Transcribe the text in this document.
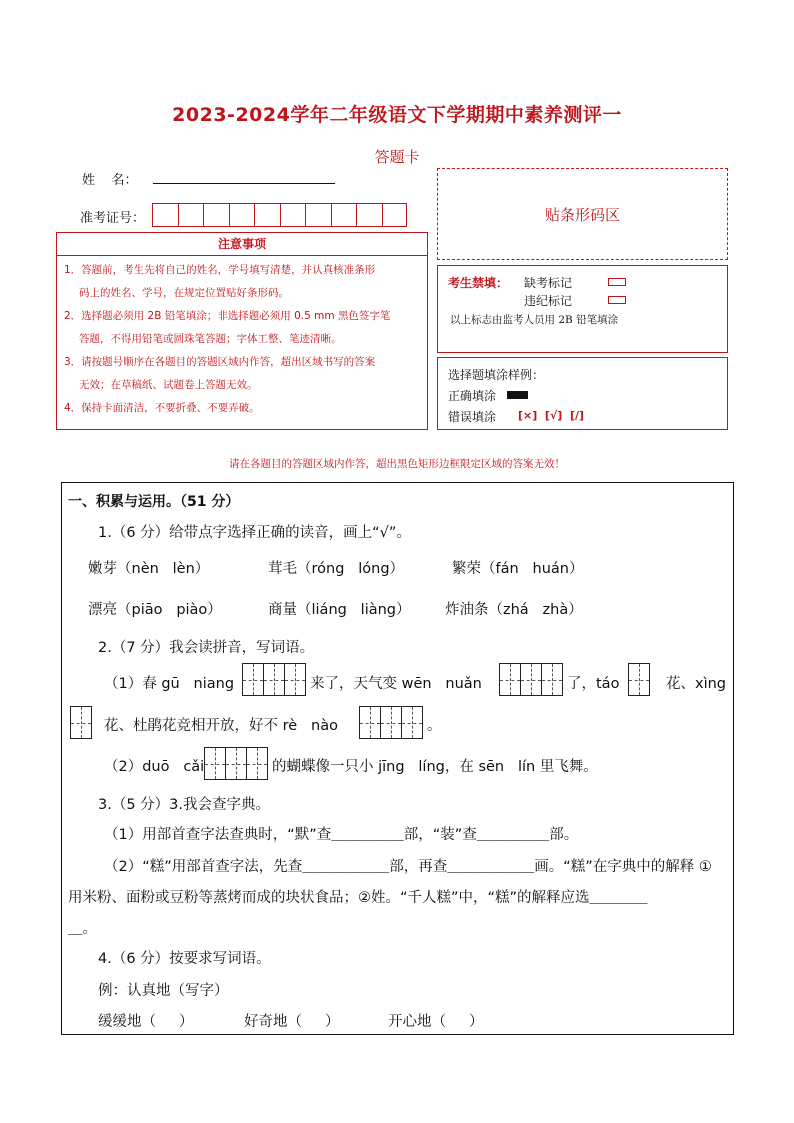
2023-2024学年二年级语文下学期期中素养测评一
答题卡
姓    名：
准考证号：	贴条形码区
注意事项
1．答题前，考生先将自己的姓名，学号填写清楚，并认真核准条形
码上的姓名、学号，在规定位置贴好条形码。
2．选择题必须用 2B 铅笔填涂；非选择题必须用 0.5 mm 黑色签字笔
答题，不得用铅笔或圆珠笔答题；字体工整、笔迹清晰。
3．请按题号顺序在各题目的答题区域内作答，超出区域书写的答案
无效；在草稿纸、试题卷上答题无效。
4．保持卡面清洁，不要折叠、不要弄破。
考生禁填： 缺考标记
违纪标记
以上标志由监考人员用 2B 铅笔填涂
选择题填涂样例：
正确填涂
错误填涂 [×]  [√]  [/]
请在各题目的答题区域内作答，超出黑色矩形边框限定区域的答案无效！
一、积累与运用。（51 分）
1.（6 分）给带点字选择正确的读音，画上“√”。
嫩芽（nèn   lèn）	茸毛（róng   lóng）	繁荣（fán   huán）
漂亮（piāo   piào）	商量（liáng   liàng） 炸油条（zhá   zhà）
2.（7 分）我会读拼音，写词语。
（1）春 gū   niang	来了，天气变 wēn   nuǎn	了，táo	花、xìng
花、杜鹃花竞相开放，好不 rè   nào	。
（2）duō   cǎi	的蝴蝶像一只小 jīng   líng，在 sēn   lín 里飞舞。
3.（5 分）3.我会查字典。
（1）用部首查字法查典时，“默”查＿＿＿＿＿部，“装”查＿＿＿＿＿部。
（2）“糕”用部首查字法，先查＿＿＿＿＿＿部，再查＿＿＿＿＿＿画。“糕”在字典中的解释 ①
用米粉、面粉或豆粉等蒸烤而成的块状食品；②姓。“千人糕”中，“糕”的解释应选＿＿＿＿
＿。
4.（6 分）按要求写词语。
例：认真地（写字）
缓缓地（     ）	好奇地（     ）	开心地（     ）
